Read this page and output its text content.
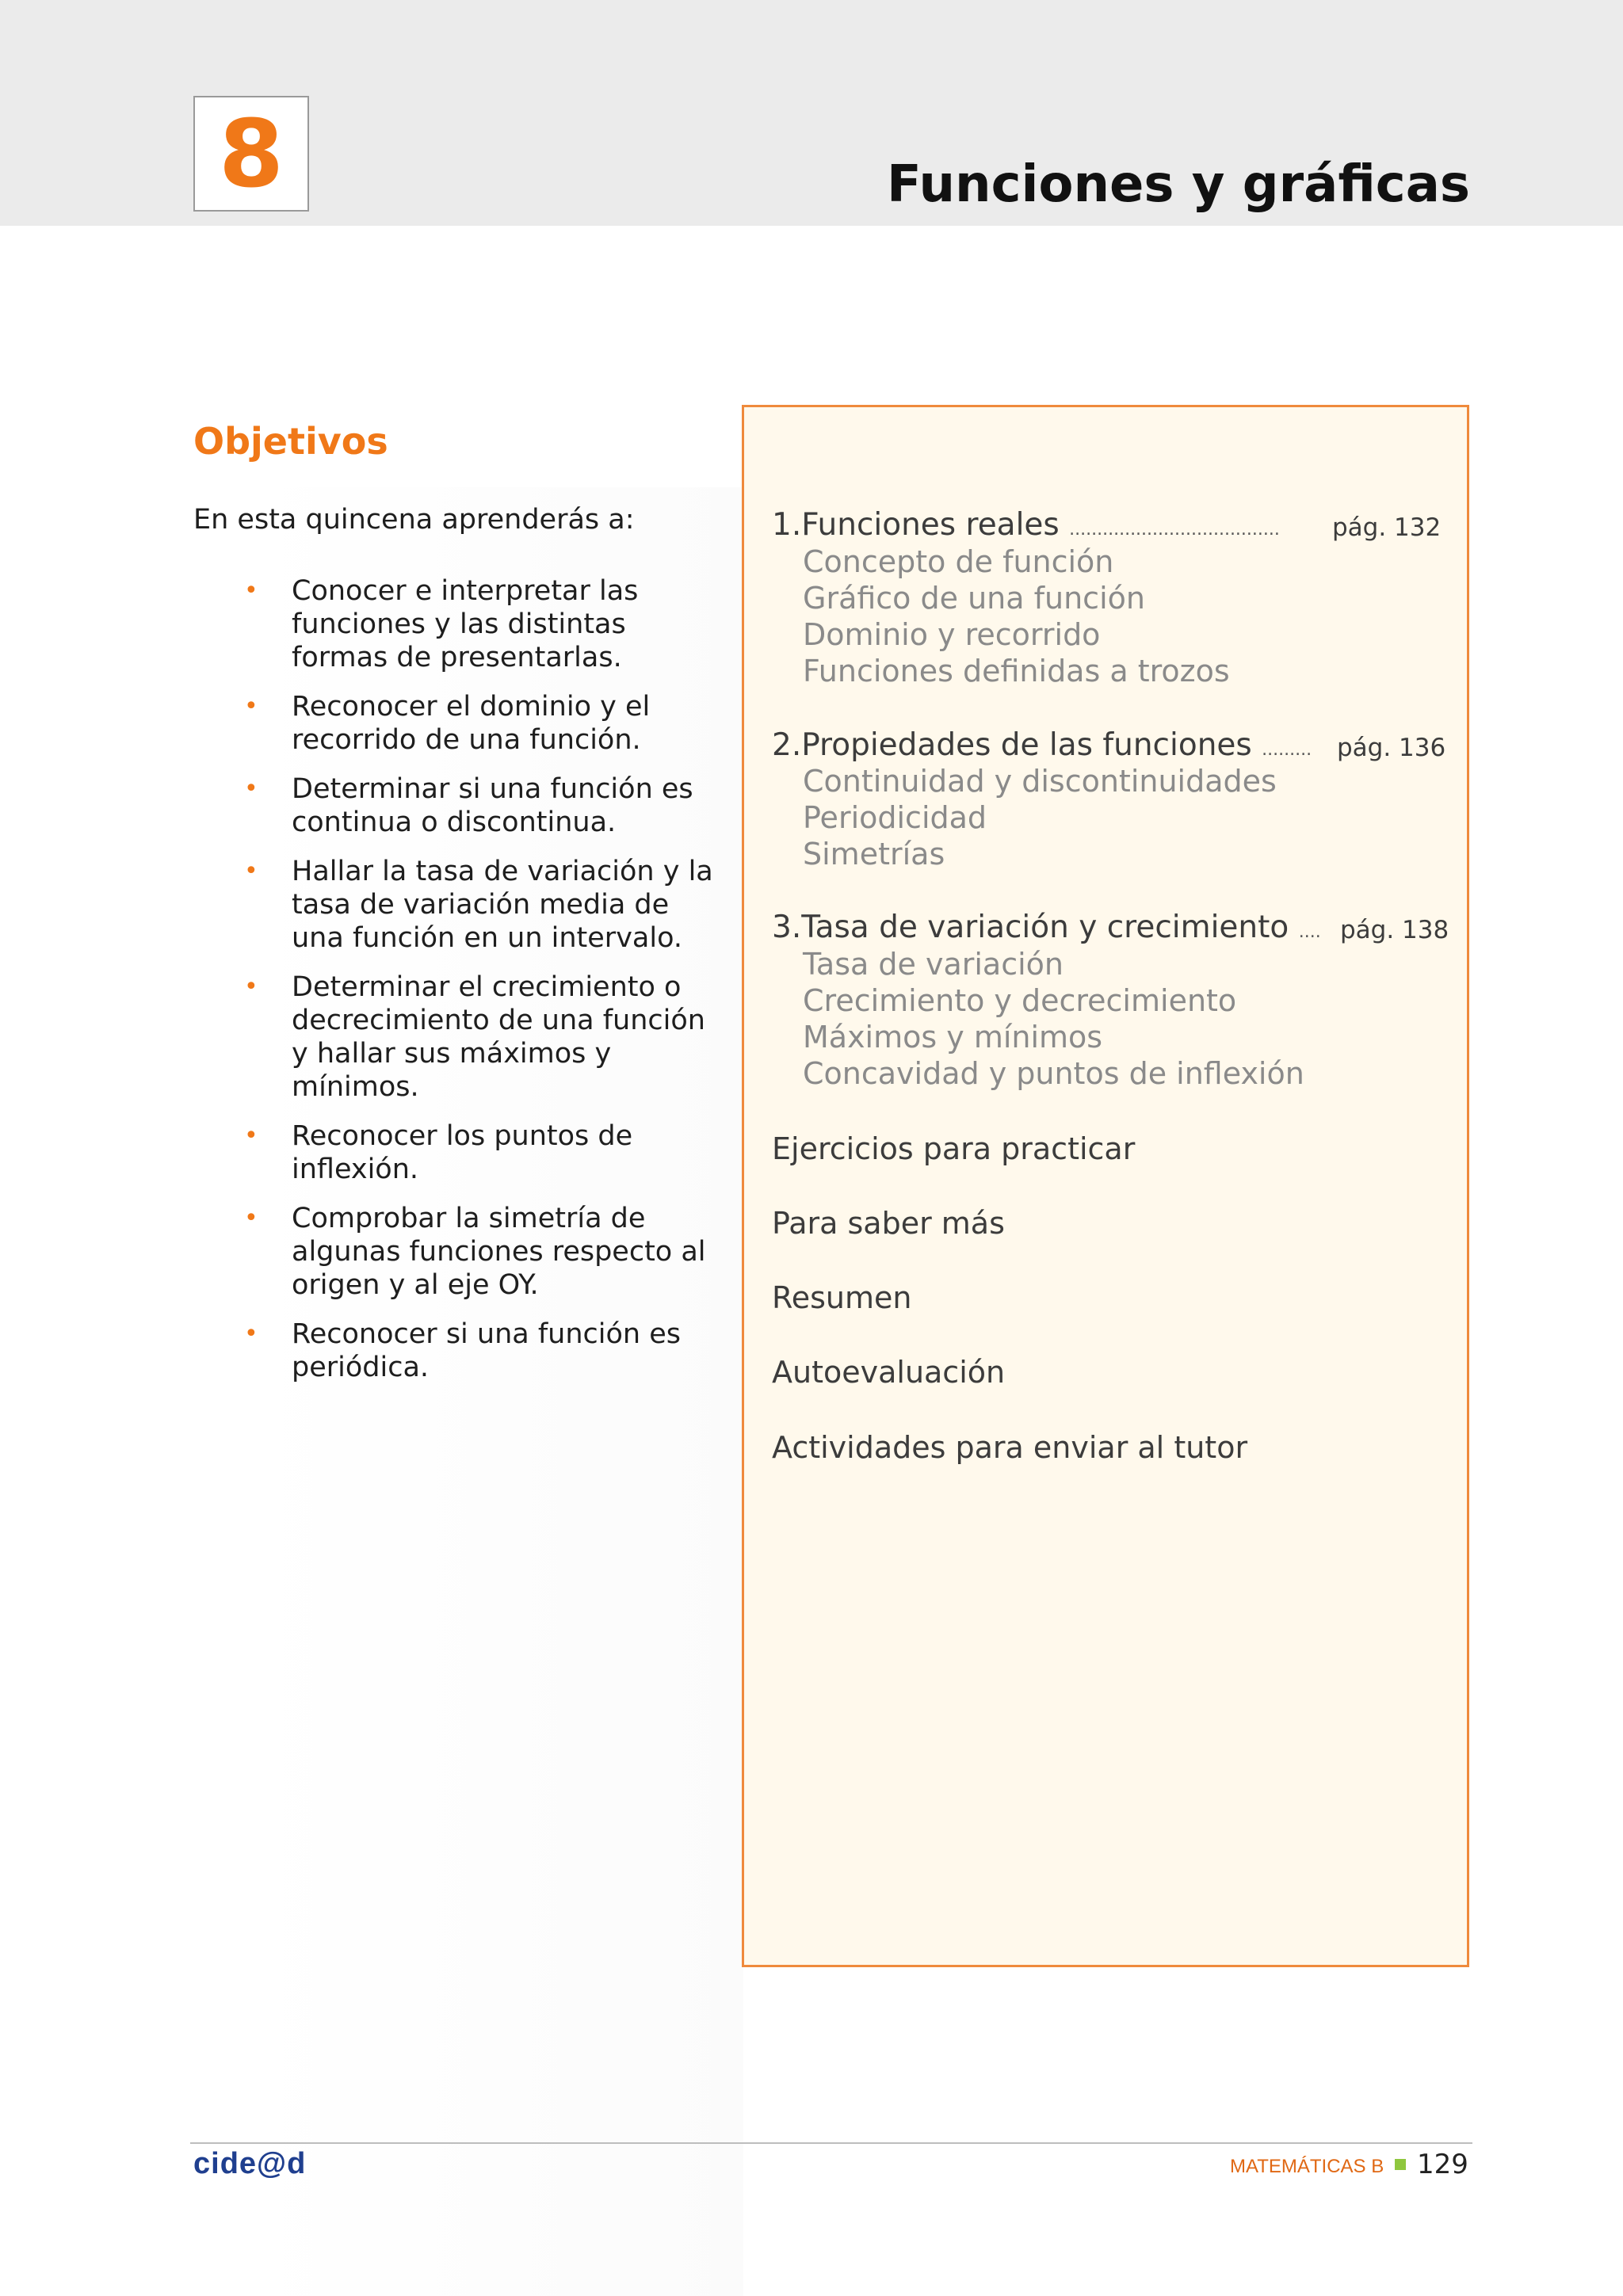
8	Funciones y gráficas
Objetivos
En esta quincena aprenderás a:
• Conocer e interpretar las funciones y las distintas formas de presentarlas.
• Reconocer el dominio y el recorrido de una función.
• Determinar si una función es continua o discontinua.
• Hallar la tasa de variación y la tasa de variación media de una función en un intervalo.
• Determinar el crecimiento o decrecimiento de una función y hallar sus máximos y mínimos.
• Reconocer los puntos de inflexión.
• Comprobar la simetría de algunas funciones respecto al origen y al eje OY.
• Reconocer si una función es periódica.
1.Funciones reales ...................................... pág. 132
Concepto de función
Gráfico de una función
Dominio y recorrido
Funciones definidas a trozos
2.Propiedades de las funciones ......... pág. 136
Continuidad y discontinuidades
Periodicidad
Simetrías
3.Tasa de variación y crecimiento .... pág. 138
Tasa de variación
Crecimiento y decrecimiento
Máximos y mínimos
Concavidad y puntos de inflexión
Ejercicios para practicar
Para saber más
Resumen
Autoevaluación
Actividades para enviar al tutor
cide@d	MATEMÁTICAS B 129
